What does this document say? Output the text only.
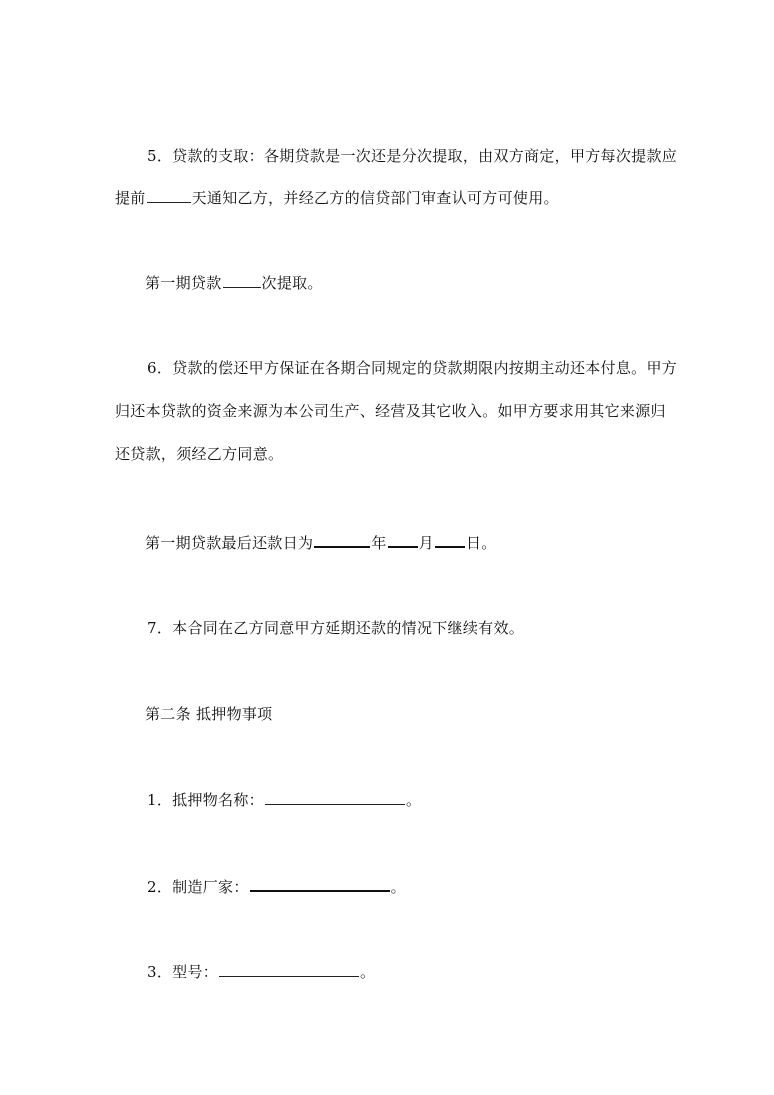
5．贷款的支取：各期贷款是一次还是分次提取，由双方商定，甲方每次提款应
提前	天通知乙方，并经乙方的信贷部门审查认可方可使用。
第一期贷款	次提取。
6．贷款的偿还甲方保证在各期合同规定的贷款期限内按期主动还本付息。甲方
归还本贷款的资金来源为本公司生产、经营及其它收入。如甲方要求用其它来源归
还贷款，须经乙方同意。
第一期贷款最后还款日为	年 月 日。
7．本合同在乙方同意甲方延期还款的情况下继续有效。
第二条 抵押物事项
1．抵押物名称：	。
2．制造厂家：	。
3．型号：	。
